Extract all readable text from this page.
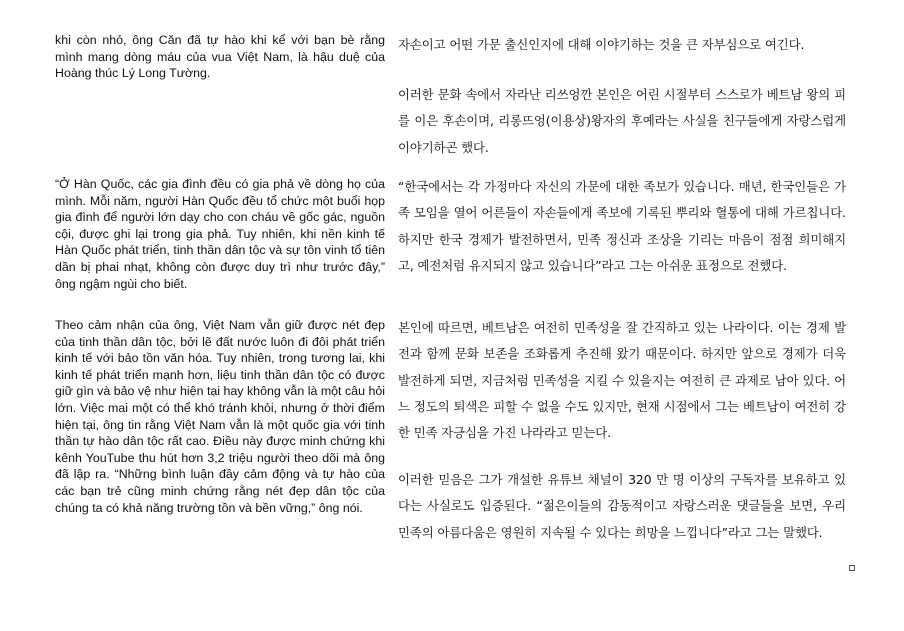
khi còn nhỏ, ông Căn đã tự hào khi kể với bạn bè rằng mình mang dòng máu của vua Việt Nam, là hậu duệ của Hoàng thúc Lý Long Tường.

“Ở Hàn Quốc, các gia đình đều có gia phả về dòng họ của mình. Mỗi năm, người Hàn Quốc đều tổ chức một buổi họp gia đình để người lớn dạy cho con cháu về gốc gác, nguồn cội, được ghi lại trong gia phả. Tuy nhiên, khi nền kinh tế Hàn Quốc phát triển, tinh thần dân tộc và sự tôn vinh tổ tiên dần bị phai nhạt, không còn được duy trì như trước đây,” ông ngậm ngùi cho biết.

Theo cảm nhận của ông, Việt Nam vẫn giữ được nét đẹp của tinh thần dân tộc, bởi lẽ đất nước luôn đi đôi phát triển kinh tế với bảo tồn văn hóa. Tuy nhiên, trong tương lai, khi kinh tế phát triển mạnh hơn, liệu tinh thần dân tộc có được giữ gìn và bảo vệ như hiện tại hay không vẫn là một câu hỏi lớn. Việc mai một có thể khó tránh khỏi, nhưng ở thời điểm hiện tại, ông tin rằng Việt Nam vẫn là một quốc gia với tinh thần tự hào dân tộc rất cao. Điều này được minh chứng khi kênh YouTube thu hút hơn 3,2 triệu người theo dõi mà ông đã lập ra. “Những bình luận đầy cảm động và tự hào của các bạn trẻ cũng minh chứng rằng nét đẹp dân tộc của chúng ta có khả năng trường tồn và bền vững,” ông nói.

자손이고 어떤 가문 출신인지에 대해 이야기하는 것을 큰 자부심으로 여긴다.

이러한 문화 속에서 자라난 리쓰엉깐 본인은 어린 시절부터 스스로가 베트남 왕의 피를 이은 후손이며, 리롱뜨엉(이용상)왕자의 후예라는 사실을 친구들에게 자랑스럽게 이야기하곤 했다.

“한국에서는 각 가정마다 자신의 가문에 대한 족보가 있습니다. 매년, 한국인들은 가족 모임을 열어 어른들이 자손들에게 족보에 기록된 뿌리와 혈통에 대해 가르칩니다. 하지만 한국 경제가 발전하면서, 민족 정신과 조상을 기리는 마음이 점점 희미해지고, 예전처럼 유지되지 않고 있습니다”라고 그는 아쉬운 표정으로 전했다.

본인에 따르면, 베트남은 여전히 민족성을 잘 간직하고 있는 나라이다. 이는 경제 발전과 함께 문화 보존을 조화롭게 추진해 왔기 때문이다. 하지만 앞으로 경제가 더욱 발전하게 되면, 지금처럼 민족성을 지킬 수 있을지는 여전히 큰 과제로 남아 있다. 어느 정도의 퇴색은 피할 수 없을 수도 있지만, 현재 시점에서 그는 베트남이 여전히 강한 민족 자긍심을 가진 나라라고 믿는다.

이러한 믿음은 그가 개설한 유튜브 채널이 320 만 명 이상의 구독자를 보유하고 있다는 사실로도 입증된다. “젊은이들의 감동적이고 자랑스러운 댓글들을 보면, 우리 민족의 아름다움은 영원히 지속될 수 있다는 희망을 느낍니다”라고 그는 말했다.
